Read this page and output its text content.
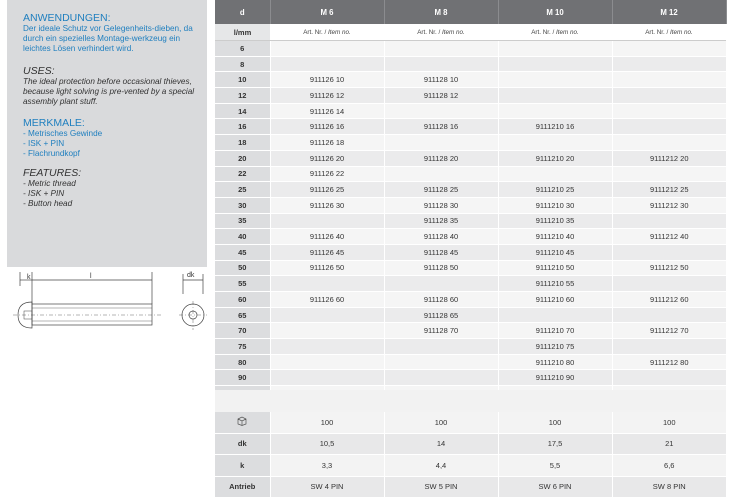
ANWENDUNGEN:
Der ideale Schutz vor Gelegenheits-dieben, da durch ein spezielles Montage-werkzeug ein leichtes Lösen verhindert wird.
USES:
The ideal protection before occasional thieves, because light solving is pre-vented by a special assembly plant stuff.
MERKMALE:
- Metrisches Gewinde
- ISK + PIN
- Flachrundkopf
FEATURES:
- Metric thread
- ISK + PIN
- Button head
k	l	dk
d	M 6	M 8	M 10	M 12
l/mm	Art. Nr. / Item no.	Art. Nr. / Item no.	Art. Nr. / Item no.	Art. Nr. / Item no.
6				
8				
10	911126 10	911128 10		
12	911126 12	911128 12		
14	911126 14			
16	911126 16	911128 16	9111210 16	
18	911126 18			
20	911126 20	911128 20	9111210 20	9111212 20
22	911126 22			
25	911126 25	911128 25	9111210 25	9111212 25
30	911126 30	911128 30	9111210 30	9111212 30
35		911128 35	9111210 35	
40	911126 40	911128 40	9111210 40	9111212 40
45	911126 45	911128 45	9111210 45	
50	911126 50	911128 50	9111210 50	9111212 50
55			9111210 55	
60	911126 60	911128 60	9111210 60	9111212 60
65		911128 65		
70		911128 70	9111210 70	9111212 70
75			9111210 75	
80			9111210 80	9111212 80
90			9111210 90	

	100	100	100	100
dk	10,5	14	17,5	21
k	3,3	4,4	5,5	6,6
Antrieb	SW 4 PIN	SW 5 PIN	SW 6 PIN	SW 8 PIN
